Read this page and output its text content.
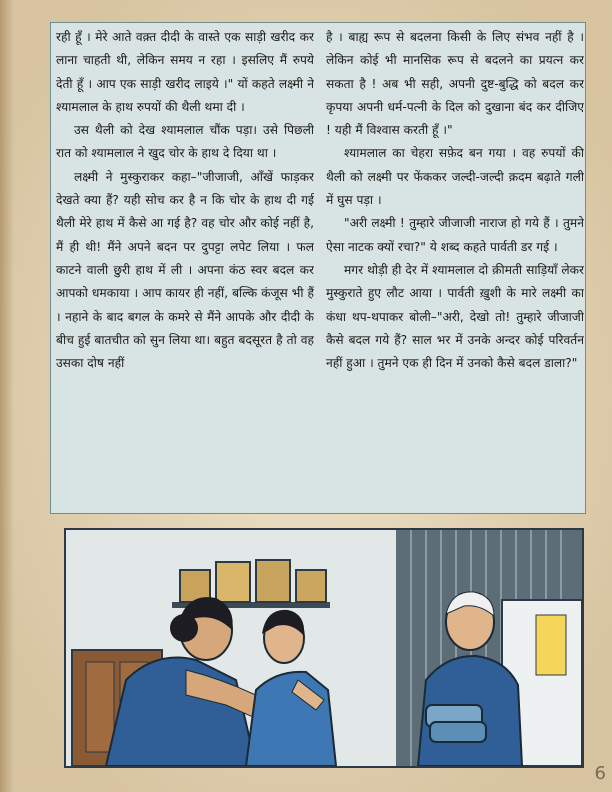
रही हूँ । मेरे आते वक़्त दीदी के वास्ते एक साड़ी खरीद कर लाना चाहती थी, लेकिन समय न रहा । इसलिए मैं रुपये देती हूँ । आप एक साड़ी खरीद लाइये ।" यों कहते लक्ष्मी ने श्यामलाल के हाथ रुपयों की थैली थमा दी ।

उस थैली को देख श्यामलाल चौंक पड़ा। उसे पिछली रात को श्यामलाल ने खुद चोर के हाथ दे दिया था ।

लक्ष्मी ने मुस्कुराकर कहा–"जीजाजी, आँखें फाड़कर देखते क्या हैं? यही सोच कर है न कि चोर के हाथ दी गई थैली मेरे हाथ में कैसे आ गई है? वह चोर और कोई नहीं है, मैं ही थी! मैंने अपने बदन पर दुपट्टा लपेट लिया । फल काटने वाली छुरी हाथ में ली । अपना कंठ स्वर बदल कर आपको धमकाया । आप कायर ही नहीं, बल्कि कंजूस भी हैं । नहाने के बाद बगल के कमरे से मैंने आपके और दीदी के बीच हुई बातचीत को सुन लिया था। बहुत बदसूरत है तो वह उसका दोष नहीं

है । बाह्य रूप से बदलना किसी के लिए संभव नहीं है । लेकिन कोई भी मानसिक रूप से बदलने का प्रयत्न कर सकता है ! अब भी सही, अपनी दुष्ट-बुद्धि को बदल कर कृपया अपनी धर्म-पत्नी के दिल को दुखाना बंद कर दीजिए ! यही मैं विश्वास करती हूँ ।"

श्यामलाल का चेहरा सफ़ेद बन गया । वह रुपयों की थैली को लक्ष्मी पर फेंककर जल्दी-जल्दी क़दम बढ़ाते गली में घुस पड़ा ।

"अरी लक्ष्मी ! तुम्हारे जीजाजी नाराज हो गये हैं । तुमने ऐसा नाटक क्यों रचा?" ये शब्द कहते पार्वती डर गई ।

मगर थोड़ी ही देर में श्यामलाल दो क़ीमती साड़ियाँ लेकर मुस्कुराते हुए लौट आया । पार्वती ख़ुशी के मारे लक्ष्मी का कंधा थप-थपाकर बोली–"अरी, देखो तो! तुम्हारे जीजाजी कैसे बदल गये हैं? साल भर में उनके अन्दर कोई परिवर्तन नहीं हुआ । तुमने एक ही दिन में उनको कैसे बदल डाला?"

6
